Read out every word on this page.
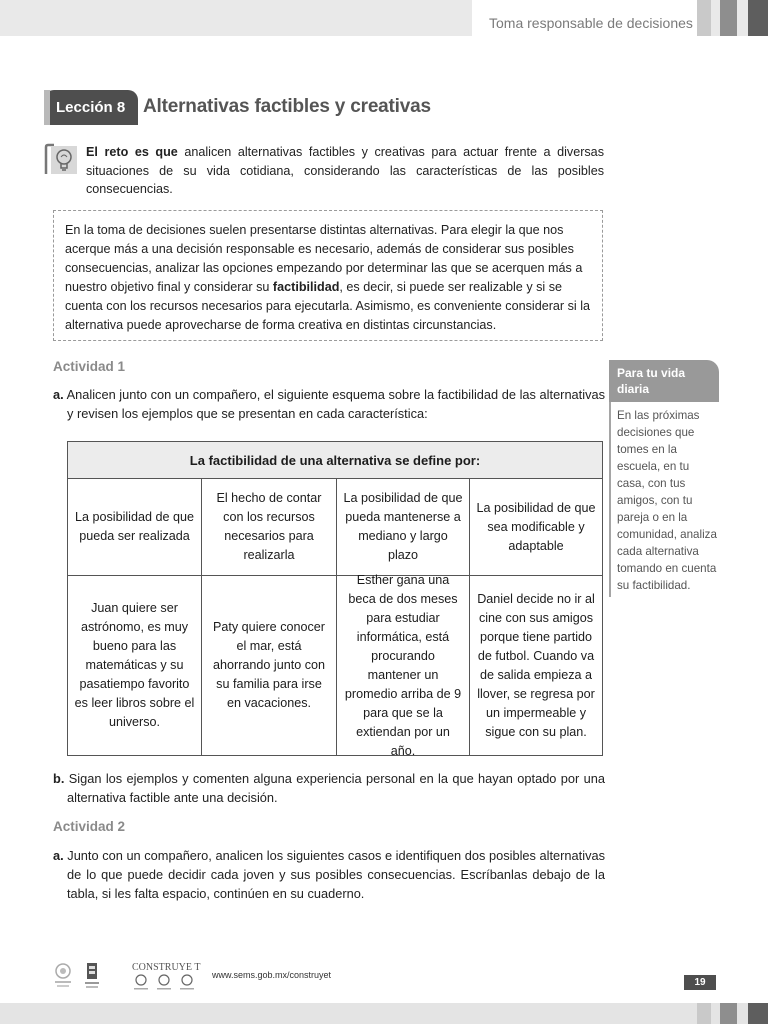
Toma responsable de decisiones
Lección 8 Alternativas factibles y creativas
El reto es que analicen alternativas factibles y creativas para actuar frente a diversas situaciones de su vida cotidiana, considerando las características de las posibles consecuencias.
En la toma de decisiones suelen presentarse distintas alternativas. Para elegir la que nos acerque más a una decisión responsable es necesario, además de considerar sus posibles consecuencias, analizar las opciones empezando por determinar las que se acerquen más a nuestro objetivo final y considerar su factibilidad, es decir, si puede ser realizable y si se cuenta con los recursos necesarios para ejecutarla. Asimismo, es conveniente considerar si la alternativa puede aprovecharse de forma creativa en distintas circunstancias.
Actividad 1
a. Analicen junto con un compañero, el siguiente esquema sobre la factibilidad de las alternativas y revisen los ejemplos que se presentan en cada característica:
La factibilidad de una alternativa se define por:
La posibilidad de que pueda ser realizada
El hecho de contar con los recursos necesarios para realizarla
La posibilidad de que pueda mantenerse a mediano y largo plazo
La posibilidad de que sea modificable y adaptable
Juan quiere ser astrónomo, es muy bueno para las matemáticas y su pasatiempo favorito es leer libros sobre el universo.
Paty quiere conocer el mar, está ahorrando junto con su familia para irse en vacaciones.
Esther gana una beca de dos meses para estudiar informática, está procurando mantener un promedio arriba de 9 para que se la extiendan por un año.
Daniel decide no ir al cine con sus amigos porque tiene partido de futbol. Cuando va de salida empieza a llover, se regresa por un impermeable y sigue con su plan.
b. Sigan los ejemplos y comenten alguna experiencia personal en la que hayan optado por una alternativa factible ante una decisión.
Actividad 2
a. Junto con un compañero, analicen los siguientes casos e identifiquen dos posibles alternativas de lo que puede decidir cada joven y sus posibles consecuencias. Escríbanlas debajo de la tabla, si les falta espacio, continúen en su cuaderno.
Para tu vida diaria
En las próximas decisiones que tomes en la escuela, en tu casa, con tus amigos, con tu pareja o en la comunidad, analiza cada alternativa tomando en cuenta su factibilidad.
CONSTRUYE T
www.sems.gob.mx/construyet
19
